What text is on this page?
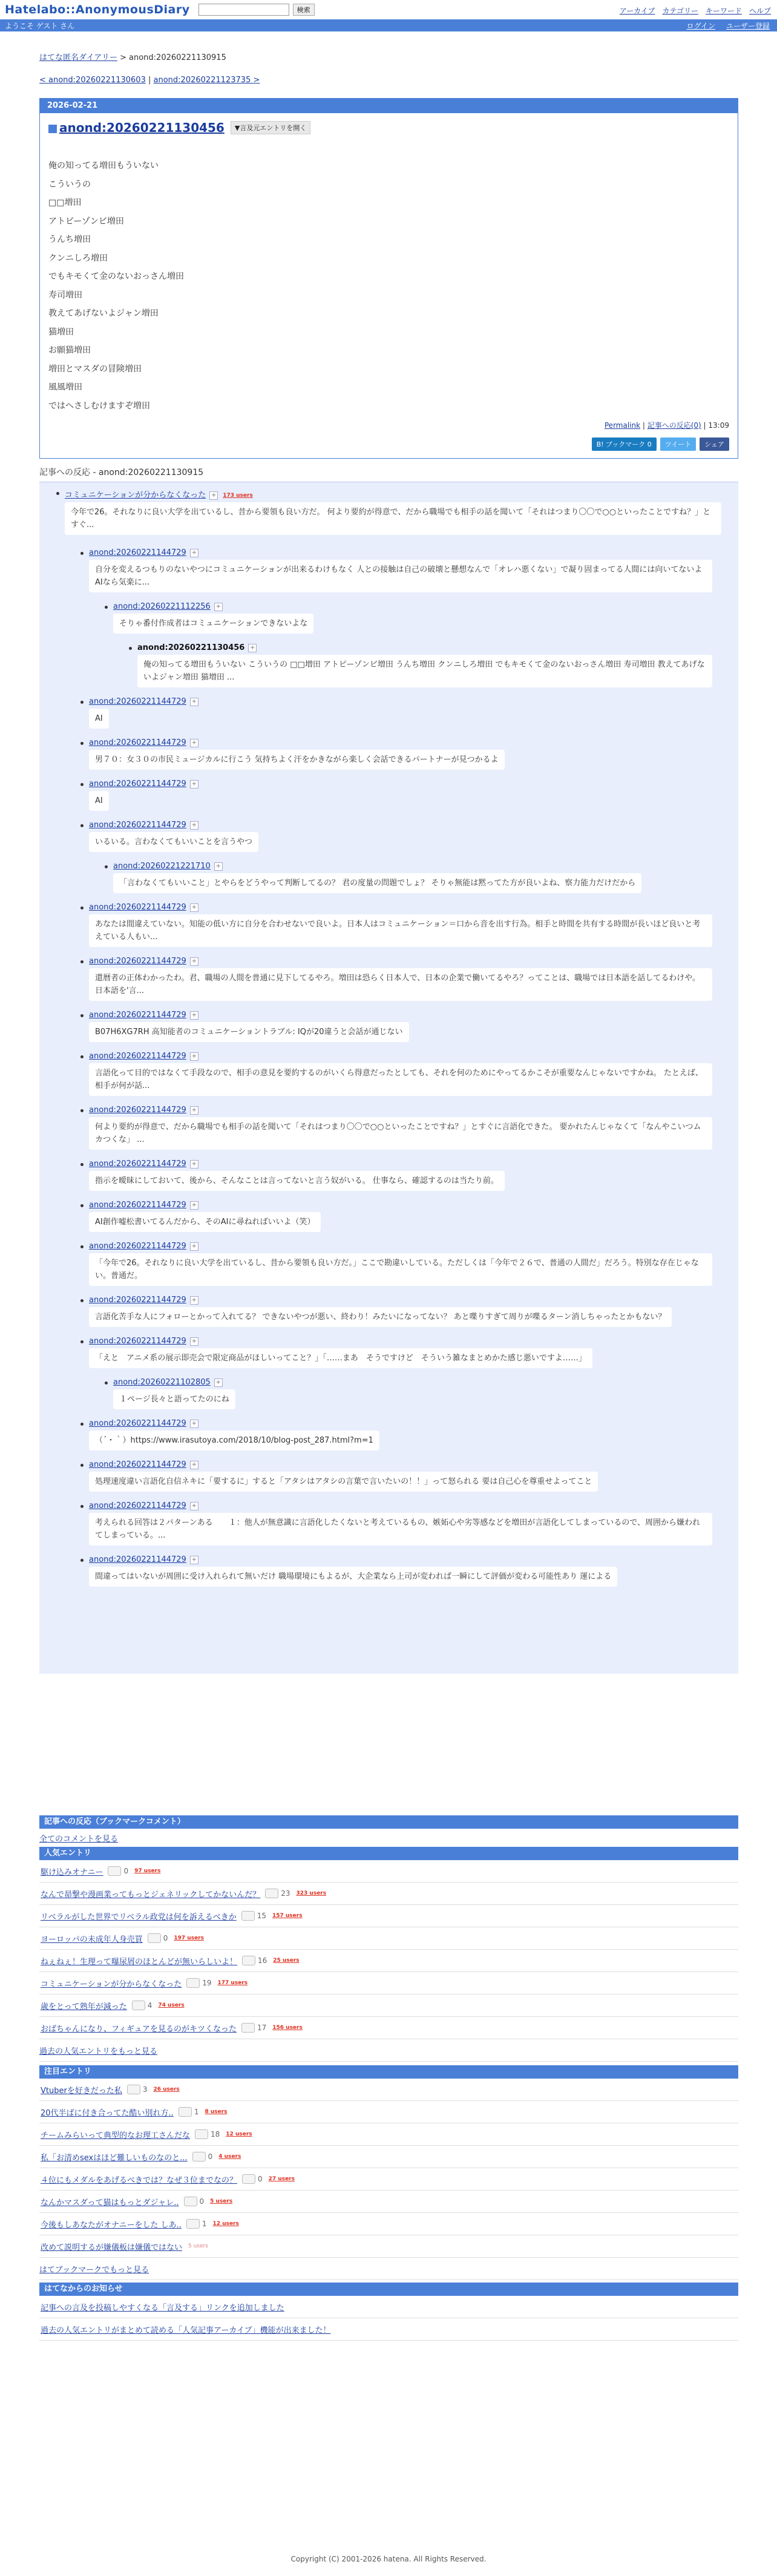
Hatelabo::AnonymousDiary	検索	アーカイブ カテゴリー キーワード ヘルプ
ようこそ ゲスト さん	ログイン ユーザー登録
はてな匿名ダイアリー > anond:20260221130915
< anond:20260221130603 | anond:20260221123735 >
2026-02-21
anond:20260221130456	▼言及元エントリを開く
俺の知ってる増田もういない
こういうの
□□増田
アトピーゾンビ増田
うんち増田
クンニしろ増田
でもキモくて金のないおっさん増田
寿司増田
教えてあげないよジャン増田
猫増田
お願猫増田
増田とマスダの冒険増田
風風増田
ではへさしむけますぞ増田
Permalink | 記事への反応(0) | 13:09
B! ブックマーク 0	ツイート	シェア
記事への反応 - anond:20260221130915
コミュニケーションが分からなくなった + 173 users
今年で26。それなりに良い大学を出ているし、昔から要領も良い方だ。 何より要約が得意で、だから職場でも相手の話を聞いて「それはつまり〇〇で○○といったことですね？」とすぐ...
anond:20260221144729 +
自分を変えるつもりのないやつにコミュニケーションが出来るわけもなく 人との接触は自己の破壊と懸想なんで「オレハ悪くない」で凝り固まってる人間には向いてないよ AIなら気楽に...
anond:20260221112256 +
そりゃ番付作成者はコミュニケーションできないよな
anond:20260221130456 +
俺の知ってる増田もういない こういうの □□増田 アトピーゾンビ増田 うんち増田 クンニしろ増田 でもキモくて金のないおっさん増田 寿司増田 教えてあげないよジャン増田 猫増田 ...
anond:20260221144729 +
AI
anond:20260221144729 +
男７０：女３０の市民ミュージカルに行こう 気持ちよく汗をかきながら楽しく会話できるパートナーが見つかるよ
anond:20260221144729 +
AI
anond:20260221144729 +
いるいる。言わなくてもいいことを言うやつ
anond:20260221221710 +
「言わなくてもいいこと」とやらをどうやって判断してるの？ 君の度量の問題でしょ？ そりゃ無能は黙ってた方が良いよね、察力能力だけだから
anond:20260221144729 +
あなたは間違えていない。知能の低い方に自分を合わせないで良いよ。日本人はコミュニケーション＝口から音を出す行為。相手と時間を共有する時間が長いほど良いと考えている人もい...
anond:20260221144729 +
還暦者の正体わかったわ。君、職場の人間を普通に見下してるやろ。増田は恐らく日本人で、日本の企業で働いてるやろ？ってことは、職場では日本語を話してるわけや。日本語を'言...
anond:20260221144729 +
B07H6XG7RH 高知能者のコミュニケーショントラブル: IQが20違うと会話が通じない
anond:20260221144729 +
言語化って目的ではなくて手段なので、相手の意見を要約するのがいくら得意だったとしても、それを何のためにやってるかこそが重要なんじゃないですかね。 たとえば、相手が何が話...
anond:20260221144729 +
何より要約が得意で、だから職場でも相手の話を聞いて「それはつまり〇〇で○○といったことですね？」とすぐに言語化できた。 要かれたんじゃなくて「なんやこいつムカつくな」 ...
anond:20260221144729 +
指示を曖昧にしておいて、後から、そんなことは言ってないと言う奴がいる。 仕事なら、確認するのは当たり前。
anond:20260221144729 +
AI創作嘘松書いてるんだから、そのAIに尋ねればいいよ（笑）
anond:20260221144729 +
「今年で26。それなりに良い大学を出ているし、昔から要領も良い方だ。」ここで勘違いしている。ただしくは「今年で２６で、普通の人間だ」だろう。特別な存在じゃない。普通だ。
anond:20260221144729 +
言語化苦手な人にフォローとかって入れてる？ できないやつが悪い、終わり！みたいになってない？ あと喋りすぎて周りが喋るターン消しちゃったとかもない？
anond:20260221144729 +
「えと　アニメ系の展示即売会で限定商品がほしいってこと？」「……まあ　そうですけど　そういう雑なまとめかた感じ悪いですよ……」
anond:20260221102805 +
１ページ長々と語ってたのにね
anond:20260221144729 +
（´・｀）https://www.irasutoya.com/2018/10/blog-post_287.html?m=1
anond:20260221144729 +
処理速度違い言語化自信ネキに「要するに」すると「アタシはアタシの言葉で言いたいの！！」って怒られる 要は自己心を尊重せよってこと
anond:20260221144729 +
考えられる回答は２パターンある　　１：他人が無意識に言語化したくないと考えているもの、嫉妬心や劣等感などを増田が言語化してしまっているので、周囲から嫌われてしまっている。...
anond:20260221144729 +
間違ってはいないが周囲に受け入れられて無いだけ 職場環境にもよるが、大企業なら上司が変われば一瞬にして評価が変わる可能性あり 運による
記事への反応（ブックマークコメント）
全てのコメントを見る
人気エントリ
駆け込みオナニー	0 97 users
なんで昴撃や漫画業ってもっとジェネリックしてかないんだ？	23 323 users
リベラルがした世界でリベラル政党は何を訴えるべきか	15 157 users
ヨーロッパの未成年人身売買	0 197 users
ねぇねぇ！生理って曝尿屑のほとんどが無いらしいよ！	16 25 users
コミュニケーションが分からなくなった	19 177 users
歳をとって熟年が減った	4 74 users
おばちゃんになり、フィギュアを見るのがキツくなった	17 156 users
過去の人気エントリをもっと見る
注目エントリ
Vtuberを好きだった私	3 26 users
20代半ばに付き合ってた酷い別れ方..	1 8 users
チームみらいって典型的なお理工さんだな	18 12 users
私「お清めsexはほど難しいものなのと...	0 4 users
４位にもメダルをあげるべきでは？なぜ３位までなの？	0 27 users
なんかマスダって猫はもっとダジャレ..	0 5 users
今後もしあなたがオナニーをした しあ..	1 12 users
改めて説明するが嫌儀板は嫌儀ではない 5 users
はてブックマークでもっと見る
はてなからのお知らせ
記事への言及を投稿しやすくなる「言及する」リンクを追加しました
過去の人気エントリがまとめて読める「人気記事アーカイブ」機能が出来ました！
Copyright (C) 2001-2026 hatena. All Rights Reserved.
